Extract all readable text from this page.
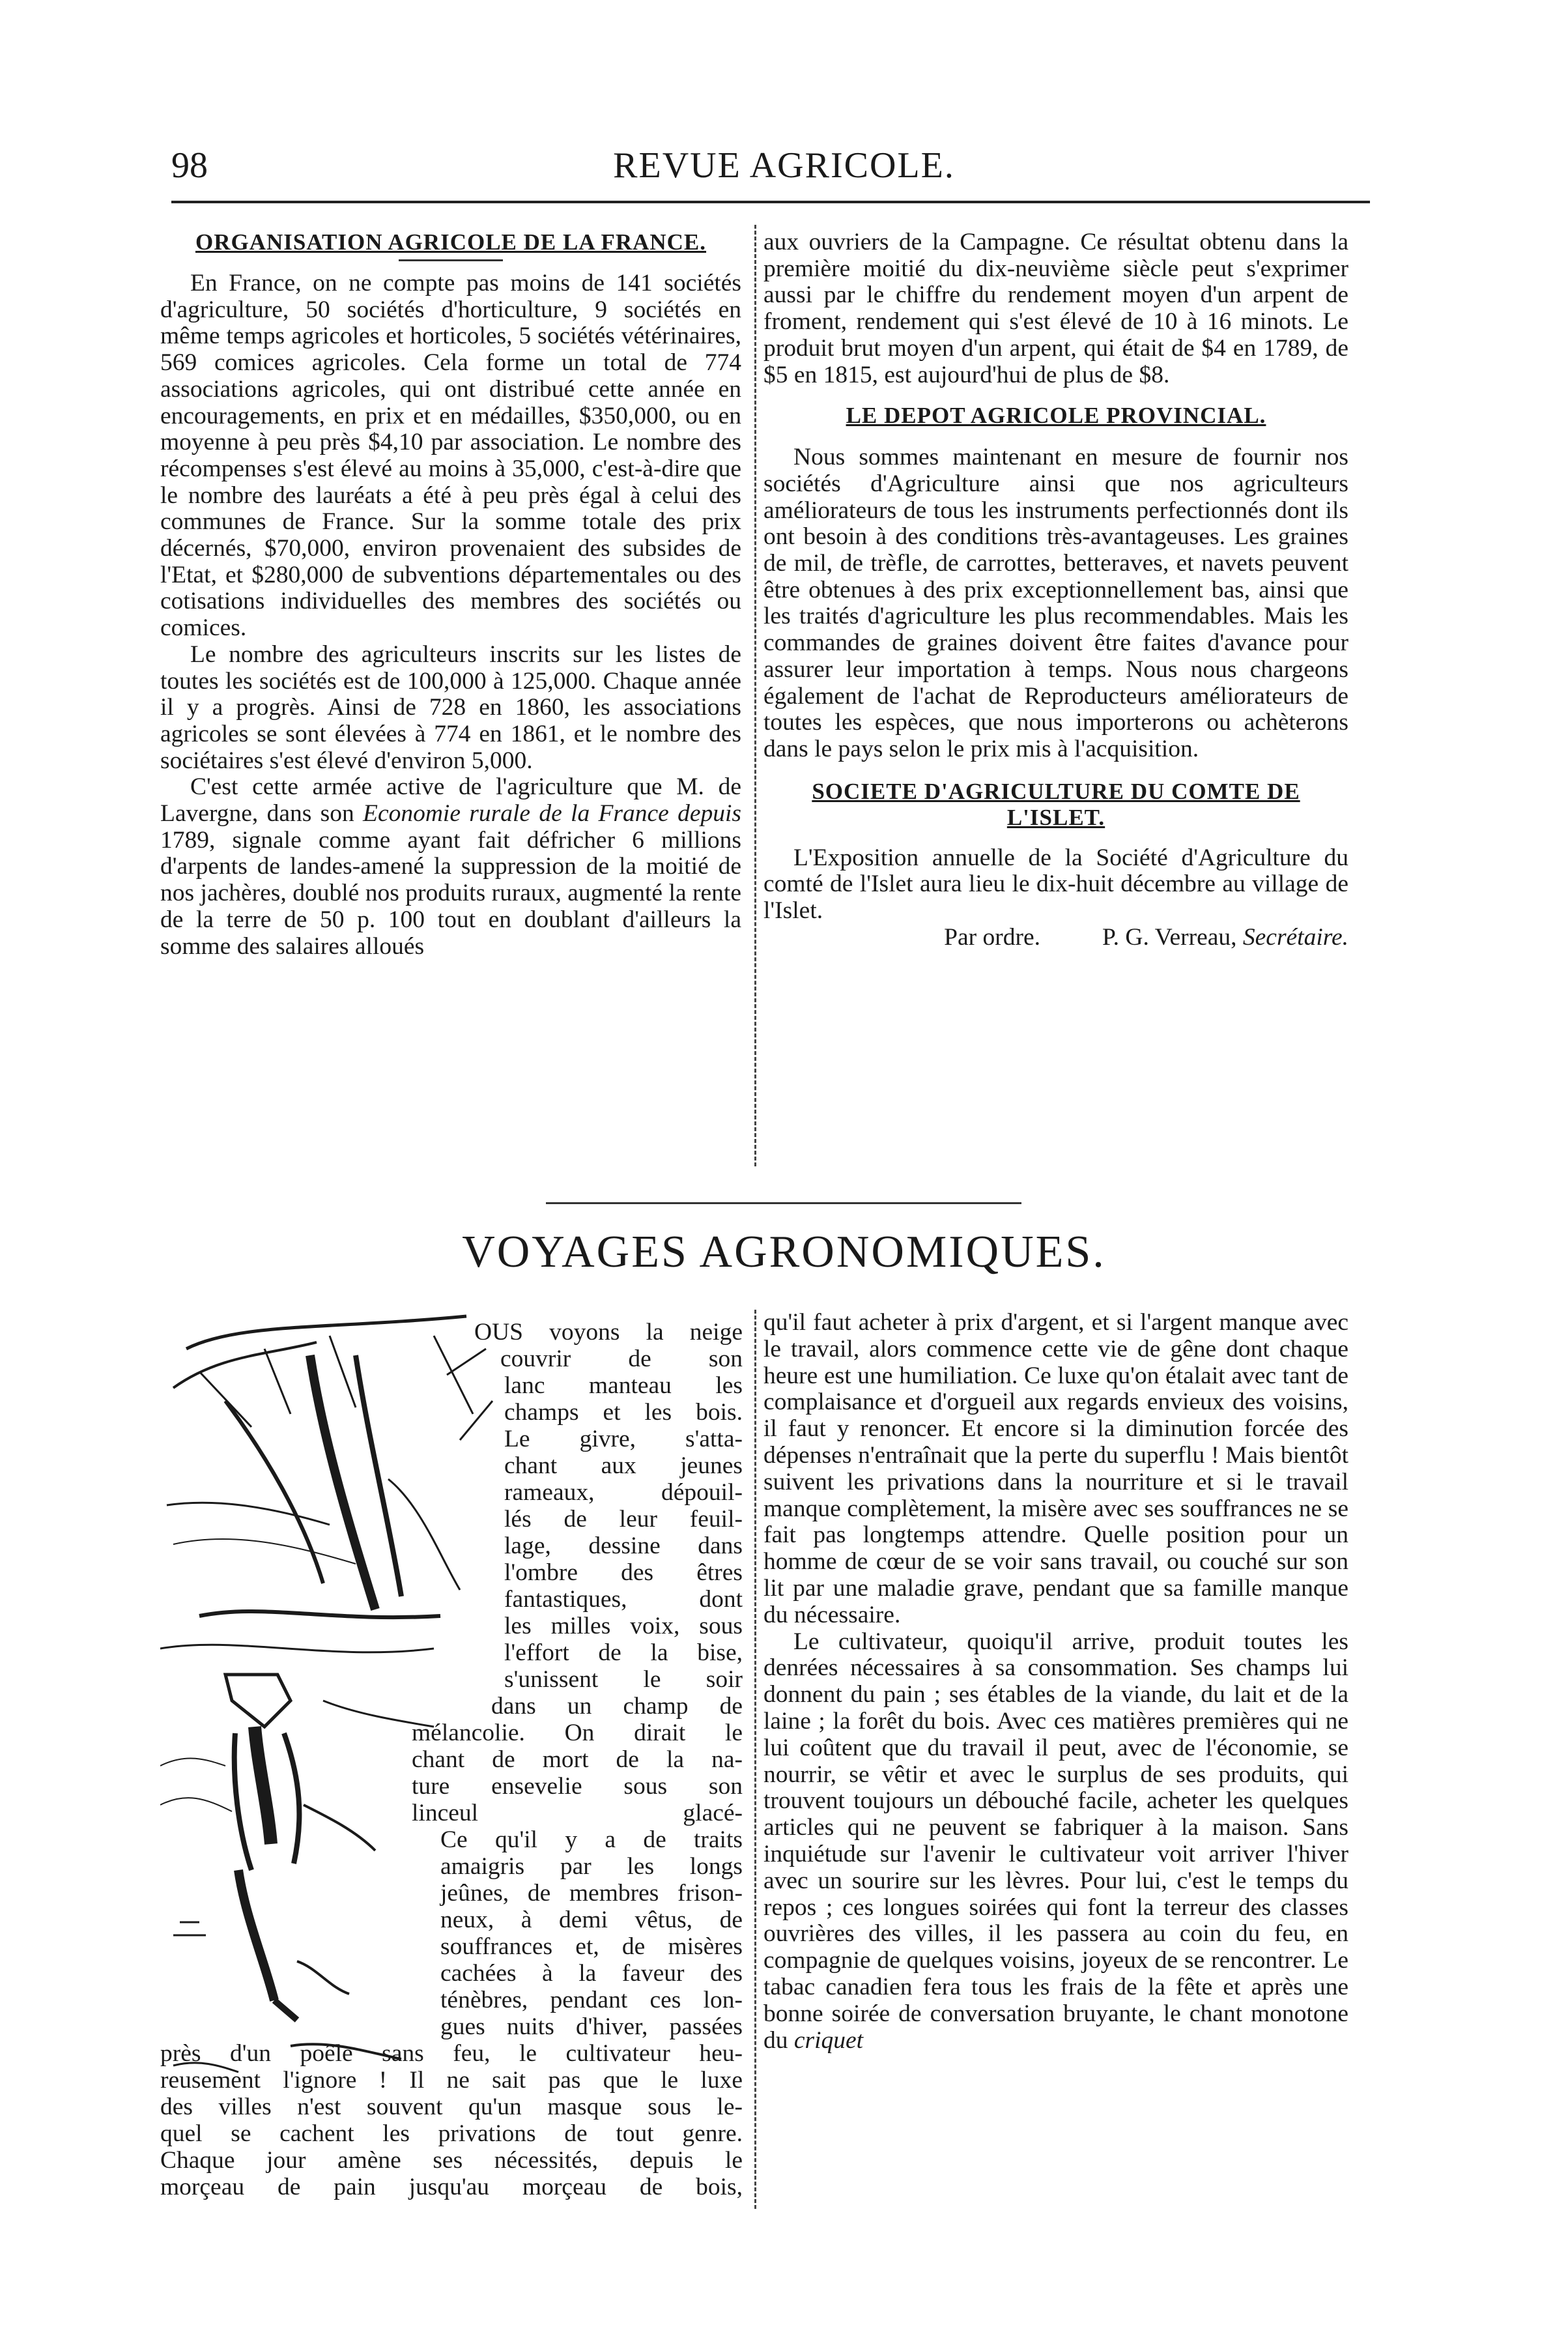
98	REVUE AGRICOLE.
ORGANISATION AGRICOLE DE LA FRANCE.

En France, on ne compte pas moins de 141 sociétés d'agriculture, 50 sociétés d'horticulture, 9 sociétés en même temps agricoles et horticoles, 5 sociétés vétérinaires, 569 comices agricoles. Cela forme un total de 774 associations agricoles, qui ont distribué cette année en encouragements, en prix et en médailles, $350,000, ou en moyenne à peu près $4,10 par association. Le nombre des récompenses s'est élevé au moins à 35,000, c'est-à-dire que le nombre des lauréats a été à peu près égal à celui des communes de France. Sur la somme totale des prix décernés, $70,000, environ provenaient des subsides de l'Etat, et $280,000 de subventions départementales ou des cotisations individuelles des membres des sociétés ou comices.

Le nombre des agriculteurs inscrits sur les listes de toutes les sociétés est de 100,000 à 125,000. Chaque année il y a progrès. Ainsi de 728 en 1860, les associations agricoles se sont élevées à 774 en 1861, et le nombre des sociétaires s'est élevé d'environ 5,000.

C'est cette armée active de l'agriculture que M. de Lavergne, dans son Economie rurale de la France depuis 1789, signale comme ayant fait défricher 6 millions d'arpents de landes-amené la suppression de la moitié de nos jachères, doublé nos produits ruraux, augmenté la rente de la terre de 50 p. 100 tout en doublant d'ailleurs la somme des salaires alloués

aux ouvriers de la Campagne. Ce résultat obtenu dans la première moitié du dix-neuvième siècle peut s'exprimer aussi par le chiffre du rendement moyen d'un arpent de froment, rendement qui s'est élevé de 10 à 16 minots. Le produit brut moyen d'un arpent, qui était de $4 en 1789, de $5 en 1815, est aujourd'hui de plus de $8.

LE DEPOT AGRICOLE PROVINCIAL.

Nous sommes maintenant en mesure de fournir nos sociétés d'Agriculture ainsi que nos agriculteurs améliorateurs de tous les instruments perfectionnés dont ils ont besoin à des conditions très-avantageuses. Les graines de mil, de trèfle, de carrottes, betteraves, et navets peuvent être obtenues à des prix exceptionnellement bas, ainsi que les traités d'agriculture les plus recommendables. Mais les commandes de graines doivent être faites d'avance pour assurer leur importation à temps. Nous nous chargeons également de l'achat de Reproducteurs améliorateurs de toutes les espèces, que nous importerons ou achèterons dans le pays selon le prix mis à l'acquisition.

SOCIETE D'AGRICULTURE DU COMTE DE
L'ISLET.

L'Exposition annuelle de la Société d'Agriculture du comté de l'Islet aura lieu le dix-huit décembre au village de l'Islet.

Par ordre.	P. G. Verreau, Secrétaire.
VOYAGES AGRONOMIQUES.
OUS voyons la neige
couvrir de son
lanc manteau les
champs et les bois.
Le givre, s'atta-
chant aux jeunes
rameaux, dépouil-
lés de leur feuil-
lage, dessine dans
l'ombre des êtres
fantastiques, dont
les milles voix, sous
l'effort de la bise,
s'unissent le soir
dans un champ de
mélancolie. On dirait le
chant de mort de la na-
ture ensevelie sous son
linceul glacé-
Ce qu'il y a de traits
amaigris par les longs
jeûnes, de membres frison-
neux, à demi vêtus, de
souffrances et, de misères
cachées à la faveur des
ténèbres, pendant ces lon-
gues nuits d'hiver, passées
près d'un poêle sans feu, le cultivateur heu-
reusement l'ignore ! Il ne sait pas que le luxe
des villes n'est souvent qu'un masque sous le-
quel se cachent les privations de tout genre.
Chaque jour amène ses nécessités, depuis le
morçeau de pain jusqu'au morçeau de bois,

qu'il faut acheter à prix d'argent, et si l'argent manque avec le travail, alors commence cette vie de gêne dont chaque heure est une humiliation. Ce luxe qu'on étalait avec tant de complaisance et d'orgueil aux regards envieux des voisins, il faut y renoncer. Et encore si la diminution forcée des dépenses n'entraînait que la perte du superflu ! Mais bientôt suivent les privations dans la nourriture et si le travail manque complètement, la misère avec ses souffrances ne se fait pas longtemps attendre. Quelle position pour un homme de cœur de se voir sans travail, ou couché sur son lit par une maladie grave, pendant que sa famille manque du nécessaire.

Le cultivateur, quoiqu'il arrive, produit toutes les denrées nécessaires à sa consommation. Ses champs lui donnent du pain ; ses étables de la viande, du lait et de la laine ; la forêt du bois. Avec ces matières premières qui ne lui coûtent que du travail il peut, avec de l'économie, se nourrir, se vêtir et avec le surplus de ses produits, qui trouvent toujours un débouché facile, acheter les quelques articles qui ne peuvent se fabriquer à la maison. Sans inquiétude sur l'avenir le cultivateur voit arriver l'hiver avec un sourire sur les lèvres. Pour lui, c'est le temps du repos ; ces longues soirées qui font la terreur des classes ouvrières des villes, il les passera au coin du feu, en compagnie de quelques voisins, joyeux de se rencontrer. Le tabac canadien fera tous les frais de la fête et après une bonne soirée de conversation bruyante, le chant monotone du criquet
